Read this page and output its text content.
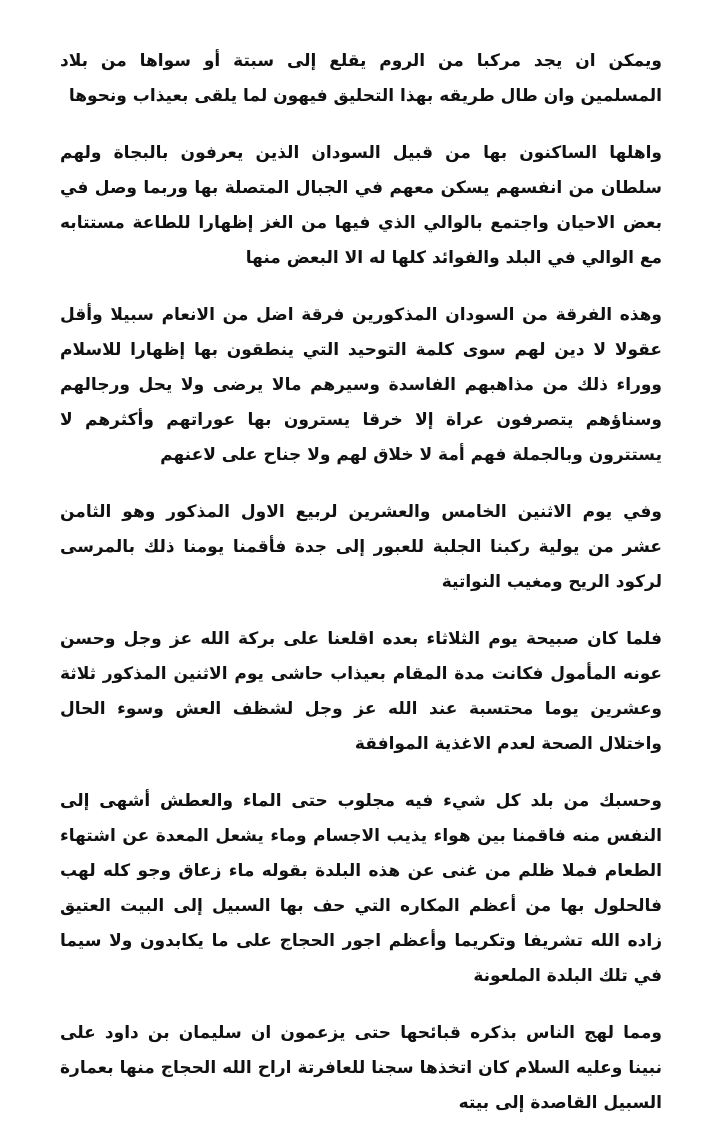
ويمكن ان يجد مركبا من الروم يقلع إلى سبتة أو سواها من بلاد المسلمين وان طال طريقه بهذا التحليق فيهون لما يلقى بعيذاب ونحوها

واهلها الساكنون بها من قبيل السودان الذين يعرفون بالبجاة ولهم سلطان من انفسهم يسكن معهم في الجبال المتصلة بها وربما وصل في بعض الاحيان واجتمع بالوالي الذي فيها من الغز إظهارا للطاعة مستتابه مع الوالي في البلد والفوائد كلها له الا البعض منها

وهذه الفرقة من السودان المذكورين فرقة اضل من الانعام سبيلا وأقل عقولا لا دين لهم سوى كلمة التوحيد التي ينطقون بها إظهارا للاسلام ووراء ذلك من مذاهبهم الفاسدة وسيرهم مالا يرضى ولا يحل ورجالهم وسناؤهم يتصرفون عراة إلا خرقا يسترون بها عوراتهم وأكثرهم لا يستترون وبالجملة فهم أمة لا خلاق لهم ولا جناح على لاعنهم

وفي يوم الاثنين الخامس والعشرين لربيع الاول المذكور وهو الثامن عشر من يولية ركبنا الجلبة للعبور إلى جدة فأقمنا يومنا ذلك بالمرسى لركود الريح ومغيب النواتية

فلما كان صبيحة يوم الثلاثاء بعده اقلعنا على بركة الله عز وجل وحسن عونه المأمول فكانت مدة المقام بعيذاب حاشى يوم الاثنين المذكور ثلاثة وعشرين يوما محتسبة عند الله عز وجل لشظف العش وسوء الحال واختلال الصحة لعدم الاغذية الموافقة

وحسبك من بلد كل شيء فيه مجلوب حتى الماء والعطش أشهى إلى النفس منه فاقمنا بين هواء يذيب الاجسام وماء يشعل المعدة عن اشتهاء الطعام فملا ظلم من غنى عن هذه البلدة بقوله ماء زعاق وجو كله لهب فالحلول بها من أعظم المكاره التي حف بها السبيل إلى البيت العتيق زاده الله تشريفا وتكريما وأعظم اجور الحجاج على ما يكابدون ولا سيما في تلك البلدة الملعونة

ومما لهج الناس بذكره قبائحها حتى يزعمون ان سليمان بن داود على نبينا وعليه السلام كان اتخذها سجنا للعافرتة اراح الله الحجاج منها بعمارة السبيل القاصدة إلى بيته
